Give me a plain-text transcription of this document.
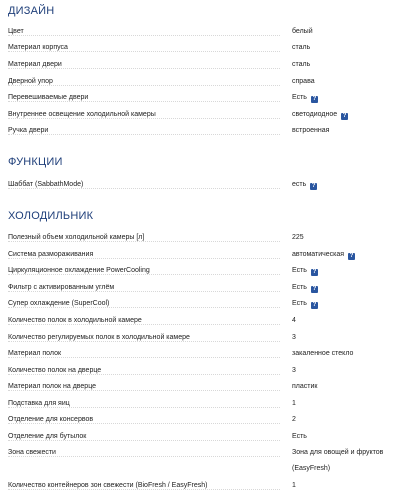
ДИЗАЙН
Цвет	белый
Материал корпуса	сталь
Материал двери	сталь
Дверной упор	справа
Перевешиваемые двери	Есть ?
Внутреннее освещение холодильной камеры	светодиодное ?
Ручка двери	встроенная
ФУНКЦИИ
Шаббат (SabbathMode)	есть ?
ХОЛОДИЛЬНИК
Полезный объем холодильной камеры [л]	225
Система размораживания	автоматическая ?
Циркуляционное охлаждение PowerCooling	Есть ?
Фильтр с активированным углём	Есть ?
Супер охлаждение (SuperCool)	Есть ?
Количество полок в холодильной камере	4
Количество регулируемых полок в холодильной камере	3
Материал полок	закаленное стекло
Количество полок на дверце	3
Материал полок на дверце	пластик
Подставка для яиц	1
Отделение для консервов	2
Отделение для бутылок	Есть
Зона свежести	Зона для овощей и фруктов (EasyFresh)
Количество контейнеров зон свежести (BioFresh / EasyFresh)	1
